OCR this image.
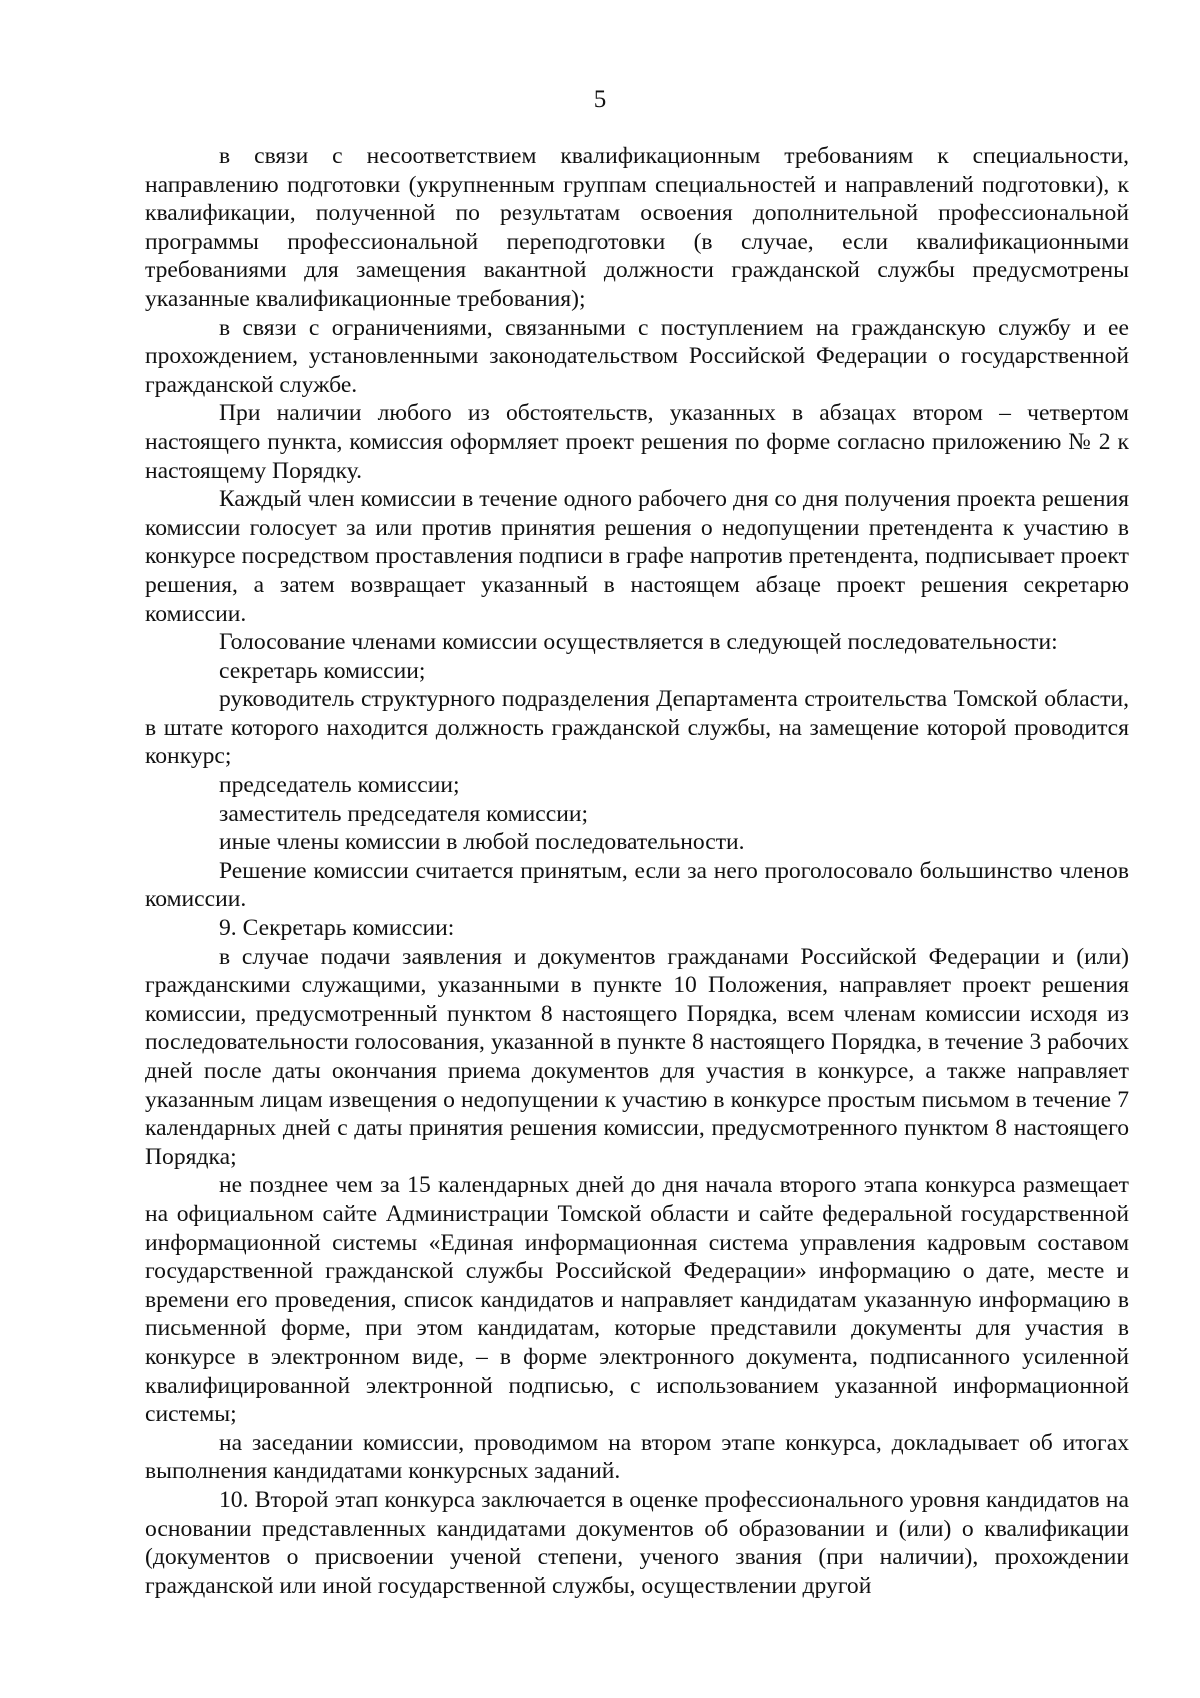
5

в связи с несоответствием квалификационным требованиям к специальности, направлению подготовки (укрупненным группам специальностей и направлений подготовки), к квалификации, полученной по результатам освоения дополнительной профессиональной программы профессиональной переподготовки (в случае, если квалификационными требованиями для замещения вакантной должности гражданской службы предусмотрены указанные квалификационные требования);

в связи с ограничениями, связанными с поступлением на гражданскую службу и ее прохождением, установленными законодательством Российской Федерации о государственной гражданской службе.

При наличии любого из обстоятельств, указанных в абзацах втором – четвертом настоящего пункта, комиссия оформляет проект решения по форме согласно приложению № 2 к настоящему Порядку.

Каждый член комиссии в течение одного рабочего дня со дня получения проекта решения комиссии голосует за или против принятия решения о недопущении претендента к участию в конкурсе посредством проставления подписи в графе напротив претендента, подписывает проект решения, а затем возвращает указанный в настоящем абзаце проект решения секретарю комиссии.

Голосование членами комиссии осуществляется в следующей последовательности:

секретарь комиссии;

руководитель структурного подразделения Департамента строительства Томской области, в штате которого находится должность гражданской службы, на замещение которой проводится конкурс;

председатель комиссии;

заместитель председателя комиссии;

иные члены комиссии в любой последовательности.

Решение комиссии считается принятым, если за него проголосовало большинство членов комиссии.

9. Секретарь комиссии:

в случае подачи заявления и документов гражданами Российской Федерации и (или) гражданскими служащими, указанными в пункте 10 Положения, направляет проект решения комиссии, предусмотренный пунктом 8 настоящего Порядка, всем членам комиссии исходя из последовательности голосования, указанной в пункте 8 настоящего Порядка, в течение 3 рабочих дней после даты окончания приема документов для участия в конкурсе, а также направляет указанным лицам извещения о недопущении к участию в конкурсе простым письмом в течение 7 календарных дней с даты принятия решения комиссии, предусмотренного пунктом 8 настоящего Порядка;

не позднее чем за 15 календарных дней до дня начала второго этапа конкурса размещает на официальном сайте Администрации Томской области и сайте федеральной государственной информационной системы «Единая информационная система управления кадровым составом государственной гражданской службы Российской Федерации» информацию о дате, месте и времени его проведения, список кандидатов и направляет кандидатам указанную информацию в письменной форме, при этом кандидатам, которые представили документы для участия в конкурсе в электронном виде, – в форме электронного документа, подписанного усиленной квалифицированной электронной подписью, с использованием указанной информационной системы;

на заседании комиссии, проводимом на втором этапе конкурса, докладывает об итогах выполнения кандидатами конкурсных заданий.

10. Второй этап конкурса заключается в оценке профессионального уровня кандидатов на основании представленных кандидатами документов об образовании и (или) о квалификации (документов о присвоении ученой степени, ученого звания (при наличии), прохождении гражданской или иной государственной службы, осуществлении другой
